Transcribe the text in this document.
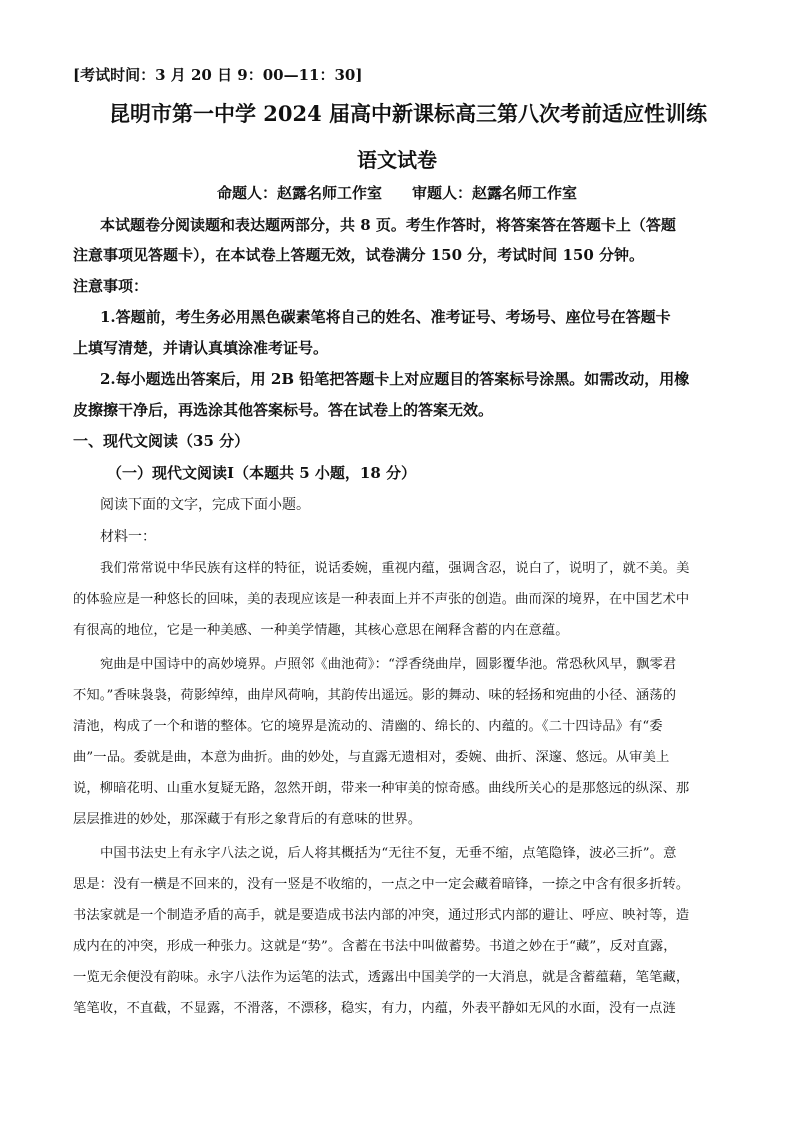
[考试时间：3 月 20 日 9：00—11：30]
昆明市第一中学 2024 届高中新课标高三第八次考前适应性训练
语文试卷
命题人：赵露名师工作室 审题人：赵露名师工作室
本试题卷分阅读题和表达题两部分，共 8 页。考生作答时，将答案答在答题卡上（答题
注意事项见答题卡），在本试卷上答题无效，试卷满分 150 分，考试时间 150 分钟。
注意事项：
1.答题前，考生务必用黑色碳素笔将自己的姓名、准考证号、考场号、座位号在答题卡
上填写清楚，并请认真填涂准考证号。
2.每小题选出答案后，用 2B 铅笔把答题卡上对应题目的答案标号涂黑。如需改动，用橡
皮擦擦干净后，再选涂其他答案标号。答在试卷上的答案无效。
一、现代文阅读（35 分）
（一）现代文阅读Ⅰ（本题共 5 小题，18 分）
阅读下面的文字，完成下面小题。
材料一：
我们常常说中华民族有这样的特征，说话委婉，重视内蕴，强调含忍，说白了，说明了，就不美。美
的体验应是一种悠长的回味，美的表现应该是一种表面上并不声张的创造。曲而深的境界，在中国艺术中
有很高的地位，它是一种美感、一种美学情趣，其核心意思在阐释含蓄的内在意蕴。
宛曲是中国诗中的高妙境界。卢照邻《曲池荷》：“浮香绕曲岸，圆影覆华池。常恐秋风早，飘零君
不知。”香味袅袅，荷影绰绰，曲岸风荷响，其韵传出遥远。影的舞动、味的轻扬和宛曲的小径、涵荡的
清池，构成了一个和谐的整体。它的境界是流动的、清幽的、绵长的、内蕴的。《二十四诗品》有“委
曲”一品。委就是曲，本意为曲折。曲的妙处，与直露无遗相对，委婉、曲折、深邃、悠远。从审美上
说，柳暗花明、山重水复疑无路，忽然开朗，带来一种审美的惊奇感。曲线所关心的是那悠远的纵深、那
层层推进的妙处，那深藏于有形之象背后的有意味的世界。
中国书法史上有永字八法之说，后人将其概括为“无往不复，无垂不缩，点笔隐锋，波必三折”。意
思是：没有一横是不回来的，没有一竖是不收缩的，一点之中一定会藏着暗锋，一捺之中含有很多折转。
书法家就是一个制造矛盾的高手，就是要造成书法内部的冲突，通过形式内部的避让、呼应、映衬等，造
成内在的冲突，形成一种张力。这就是“势”。含蓄在书法中叫做蓄势。书道之妙在于“藏”，反对直露，
一览无余便没有韵味。永字八法作为运笔的法式，透露出中国美学的一大消息，就是含蓄蕴藉，笔笔藏，
笔笔收，不直截，不显露，不滑落，不漂移，稳实，有力，内蕴，外表平静如无风的水面，没有一点涟
